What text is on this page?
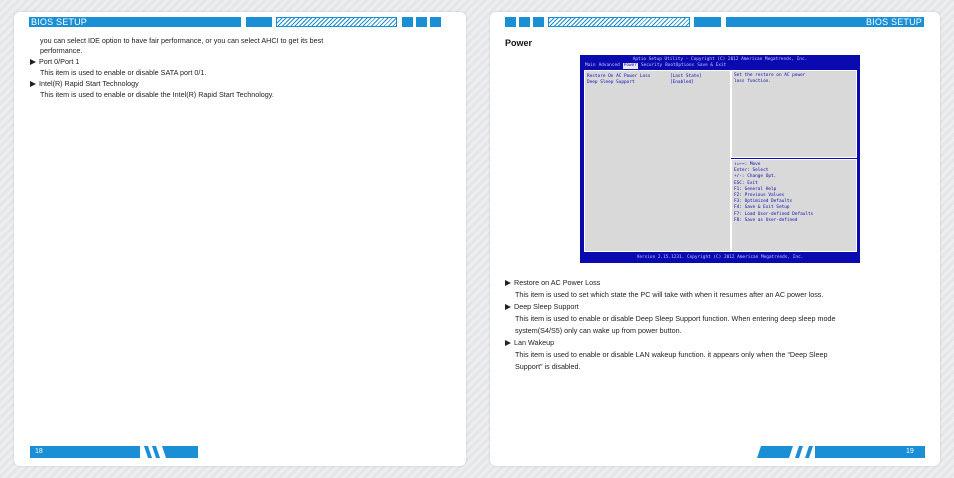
BIOS SETUP
you can select IDE option to have fair performance, or you can select AHCI to get its best
performance.
Port 0/Port 1
This item is used to enable or disable SATA port 0/1.
Intel(R) Rapid Start Technology
This item is used to enable or disable the Intel(R) Rapid Start Technology.
18
BIOS SETUP
Power
Aptio Setup Utility - Copyright (C) 2012 American Megatrends, Inc.
Main Advanced Power Security BootOptions Save & Exit
Restore On AC Power Loss	[Last State]
Deep Sleep Support	[Enabled]
Set the restore on AC power
loss function.
↑↓←→: Move
Enter: Select
+/-: Change Opt.
ESC: Exit
F1: General Help
F2: Previous Values
F3: Optimized Defaults
F4: Save & Exit Setup
F7: Load User-defined Defaults
F8: Save as User-defined
Version 2.15.1231. Copyright (C) 2012 American Megatrends, Inc.
Restore on AC Power Loss
This item is used to set which state the PC will take with when it resumes after an AC power loss.
Deep Sleep Support
This item is used to enable or disable Deep Sleep Support function. When entering deep sleep mode
system(S4/S5) only can wake up from power button.
Lan Wakeup
This item is used to enable or disable LAN wakeup function. it appears only when the “Deep Sleep
Support” is disabled.
19
